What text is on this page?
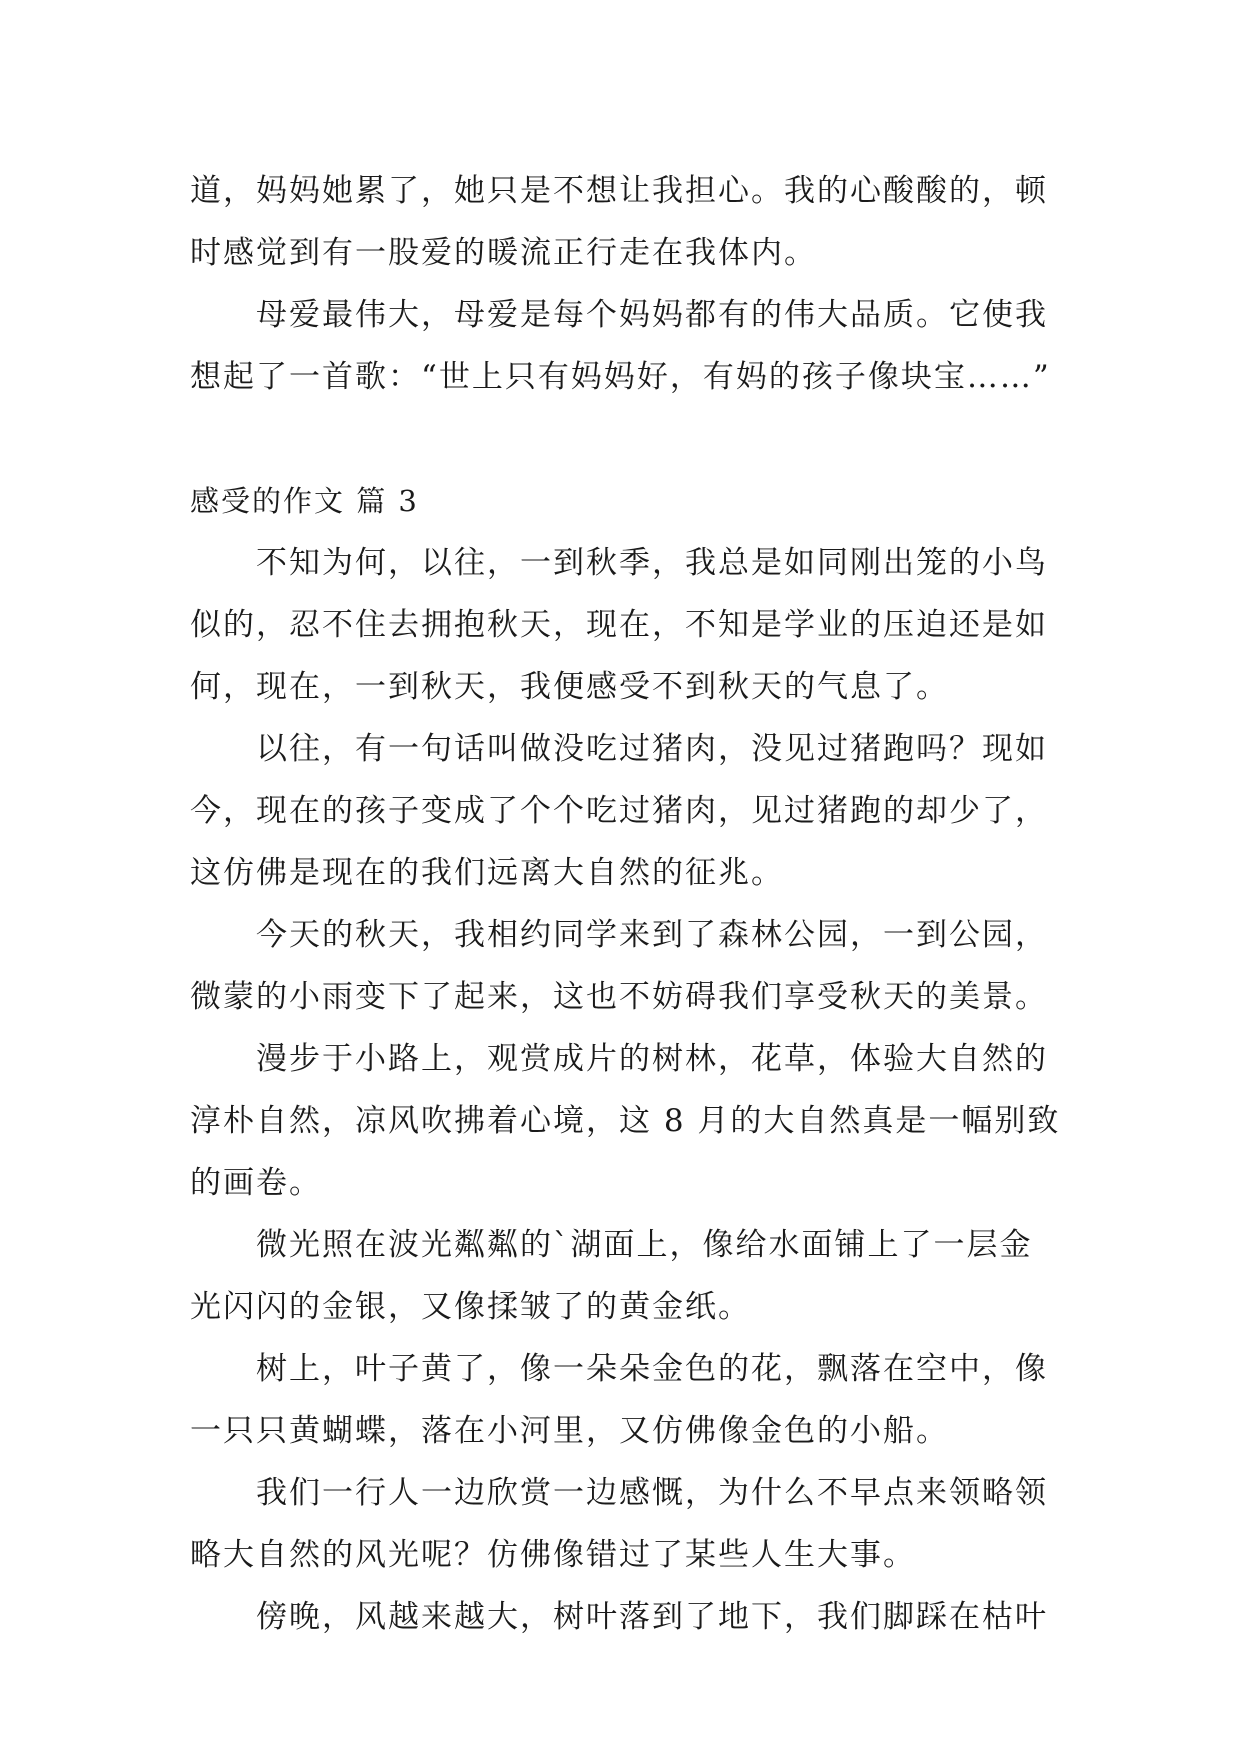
道，妈妈她累了，她只是不想让我担心。我的心酸酸的，顿
时感觉到有一股爱的暖流正行走在我体内。
　　母爱最伟大，母爱是每个妈妈都有的伟大品质。它使我
想起了一首歌：“世上只有妈妈好，有妈的孩子像块宝……”
感受的作文 篇 3
　　不知为何，以往，一到秋季，我总是如同刚出笼的小鸟
似的，忍不住去拥抱秋天，现在，不知是学业的压迫还是如
何，现在，一到秋天，我便感受不到秋天的气息了。
　　以往，有一句话叫做没吃过猪肉，没见过猪跑吗？现如
今，现在的孩子变成了个个吃过猪肉，见过猪跑的却少了，
这仿佛是现在的我们远离大自然的征兆。
　　今天的秋天，我相约同学来到了森林公园，一到公园，
微蒙的小雨变下了起来，这也不妨碍我们享受秋天的美景。
　　漫步于小路上，观赏成片的树林，花草，体验大自然的
淳朴自然，凉风吹拂着心境，这 8 月的大自然真是一幅别致
的画卷。
　　微光照在波光粼粼的`湖面上，像给水面铺上了一层金
光闪闪的金银，又像揉皱了的黄金纸。
　　树上，叶子黄了，像一朵朵金色的花，飘落在空中，像
一只只黄蝴蝶，落在小河里，又仿佛像金色的小船。
　　我们一行人一边欣赏一边感慨，为什么不早点来领略领
略大自然的风光呢？仿佛像错过了某些人生大事。
　　傍晚，风越来越大，树叶落到了地下，我们脚踩在枯叶
